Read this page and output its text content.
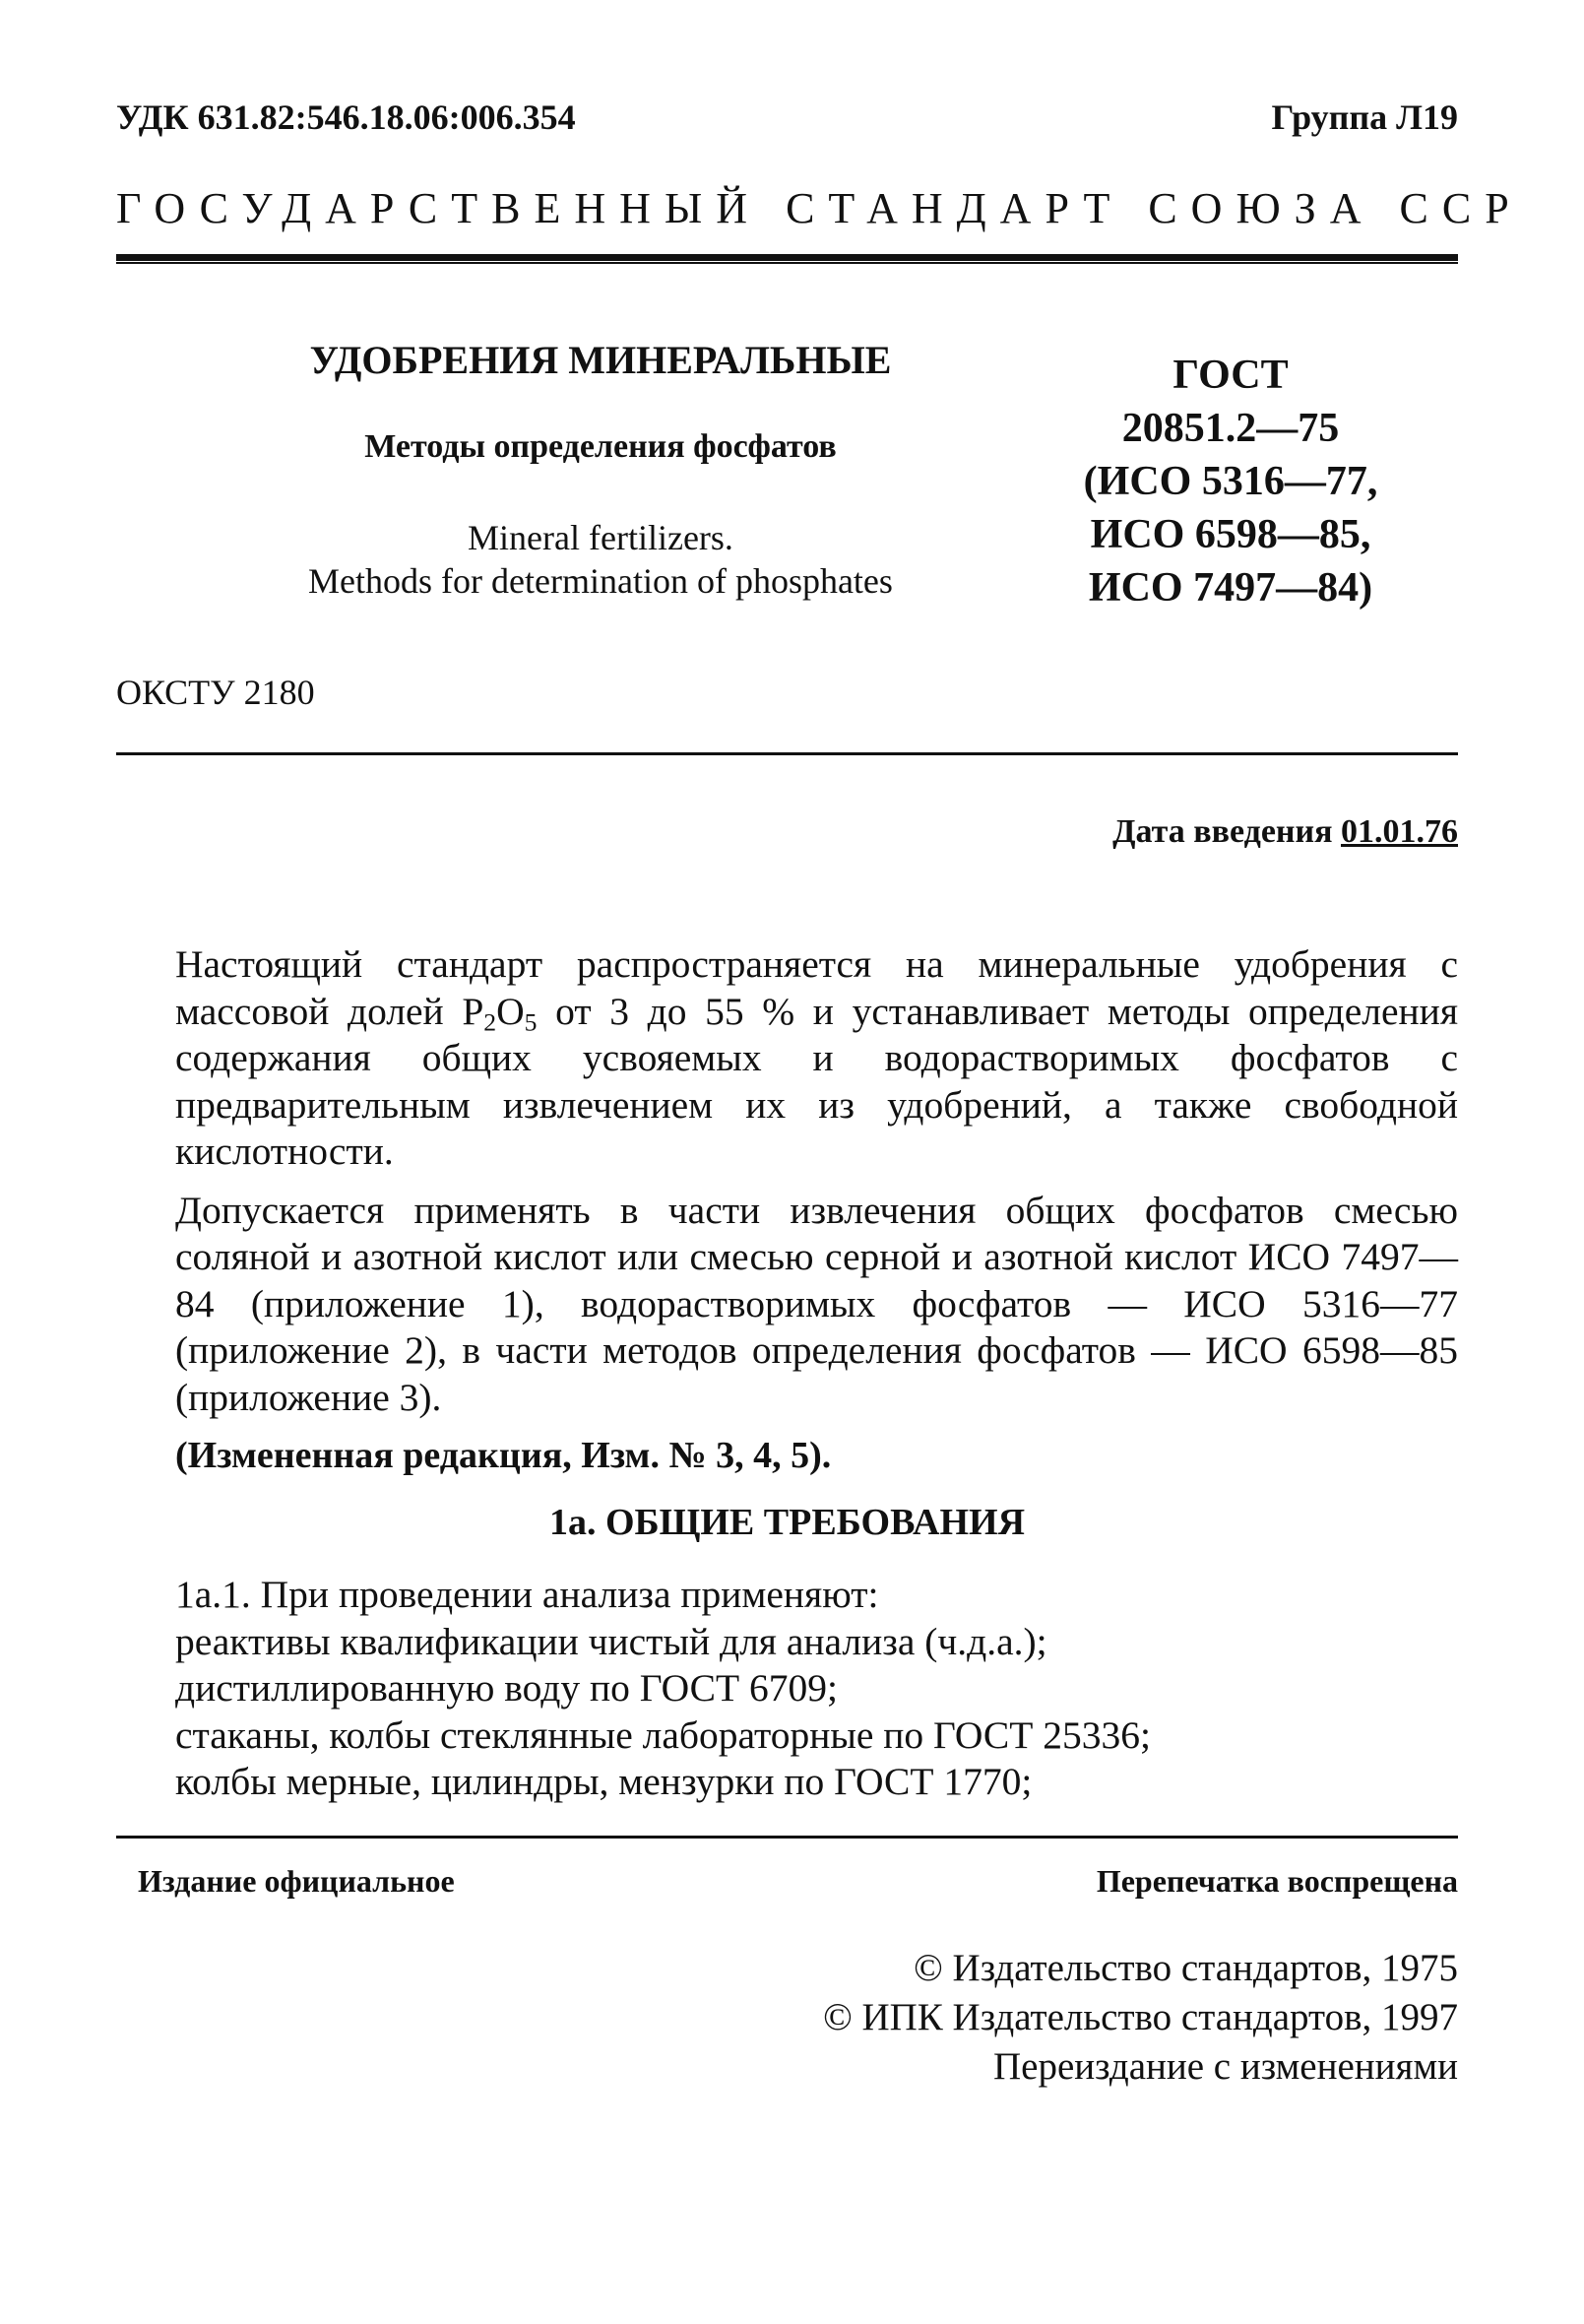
УДК 631.82:546.18.06:006.354	Группа Л19
ГОСУДАРСТВЕННЫЙ СТАНДАРТ СОЮЗА ССР

УДОБРЕНИЯ МИНЕРАЛЬНЫЕ

Методы определения фосфатов

Mineral fertilizers.
Methods for determination of phosphates

ГОСТ
20851.2—75
(ИСО 5316—77,
ИСО 6598—85,
ИСО 7497—84)
ОКСТУ 2180
Дата введения 01.01.76

Настоящий стандарт распространяется на минеральные удобрения с массовой долей $P_2O_5$ от 3 до 55 % и устанавливает методы определения содержания общих усвояемых и водорастворимых фосфатов с предварительным извлечением их из удобрений, а также свободной кислотности.

Допускается применять в части извлечения общих фосфатов смесью соляной и азотной кислот или смесью серной и азотной кислот ИСО 7497—84 (приложение 1), водорастворимых фосфатов — ИСО 5316—77 (приложение 2), в части методов определения фосфатов — ИСО 6598—85 (приложение 3).

(Измененная редакция, Изм. № 3, 4, 5).

1а. ОБЩИЕ ТРЕБОВАНИЯ
1а.1. При проведении анализа применяют:
реактивы квалификации чистый для анализа (ч.д.а.);
дистиллированную воду по ГОСТ 6709;
стаканы, колбы стеклянные лабораторные по ГОСТ 25336;
колбы мерные, цилиндры, мензурки по ГОСТ 1770;
Издание официальное	Перепечатка воспрещена
© Издательство стандартов, 1975
© ИПК Издательство стандартов, 1997
Переиздание с изменениями
